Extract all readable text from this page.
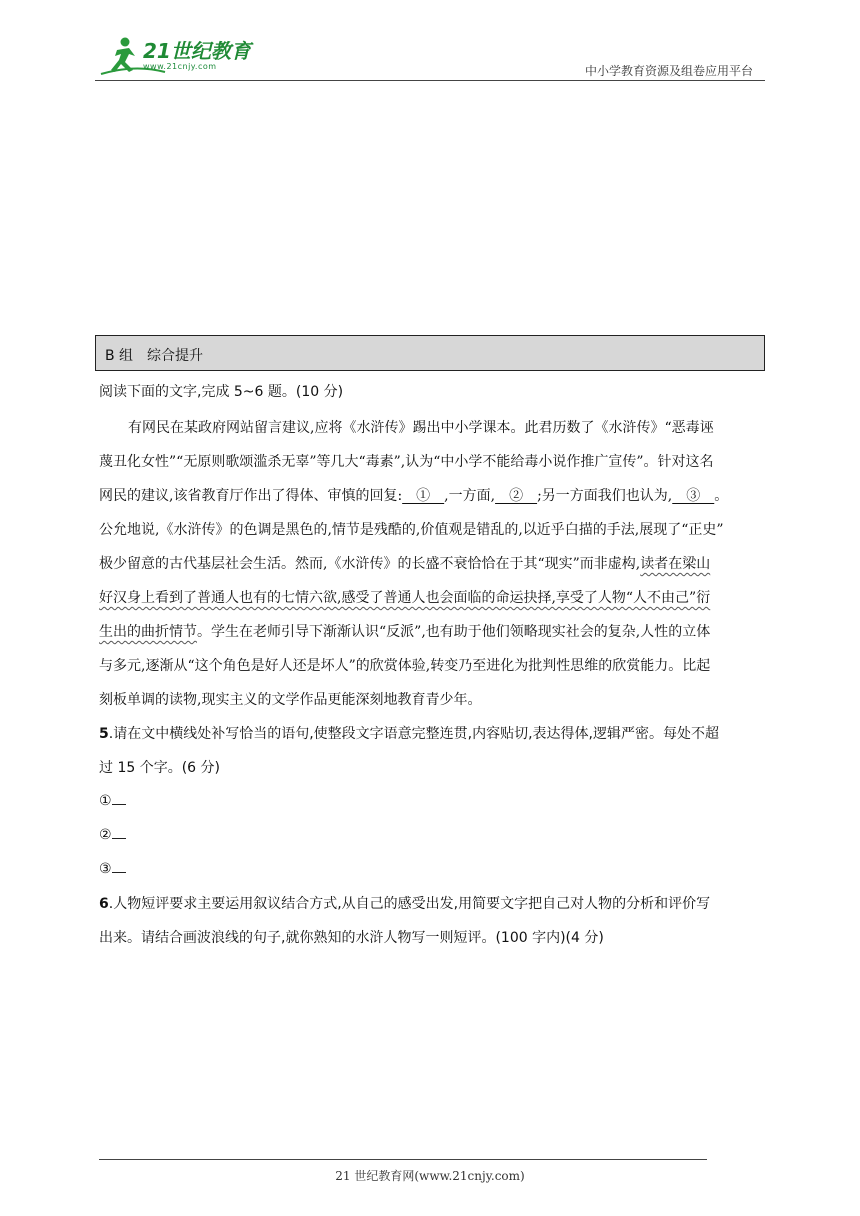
21世纪教育
www.21cnjy.com	中小学教育资源及组卷应用平台
B 组　综合提升
阅读下面的文字,完成 5~6 题。(10 分)
有网民在某政府网站留言建议,应将《水浒传》踢出中小学课本。此君历数了《水浒传》“恶毒诬
蔑丑化女性”“无原则歌颂滥杀无辜”等几大“毒素”,认为“中小学不能给毒小说作推广宣传”。针对这名
网民的建议,该省教育厅作出了得体、审慎的回复:　①　,一方面,　②　;另一方面我们也认为,　③　。
公允地说,《水浒传》的色调是黑色的,情节是残酷的,价值观是错乱的,以近乎白描的手法,展现了“正史”
极少留意的古代基层社会生活。然而,《水浒传》的长盛不衰恰恰在于其“现实”而非虚构,读者在梁山
好汉身上看到了普通人也有的七情六欲,感受了普通人也会面临的命运抉择,享受了人物“人不由己”衍
生出的曲折情节。学生在老师引导下渐渐认识“反派”,也有助于他们领略现实社会的复杂,人性的立体
与多元,逐渐从“这个角色是好人还是坏人”的欣赏体验,转变乃至进化为批判性思维的欣赏能力。比起
刻板单调的读物,现实主义的文学作品更能深刻地教育青少年。
5.请在文中横线处补写恰当的语句,使整段文字语意完整连贯,内容贴切,表达得体,逻辑严密。每处不超
过 15 个字。(6 分)
①
②
③
6.人物短评要求主要运用叙议结合方式,从自己的感受出发,用简要文字把自己对人物的分析和评价写
出来。请结合画波浪线的句子,就你熟知的水浒人物写一则短评。(100 字内)(4 分)
21 世纪教育网(www.21cnjy.com)
